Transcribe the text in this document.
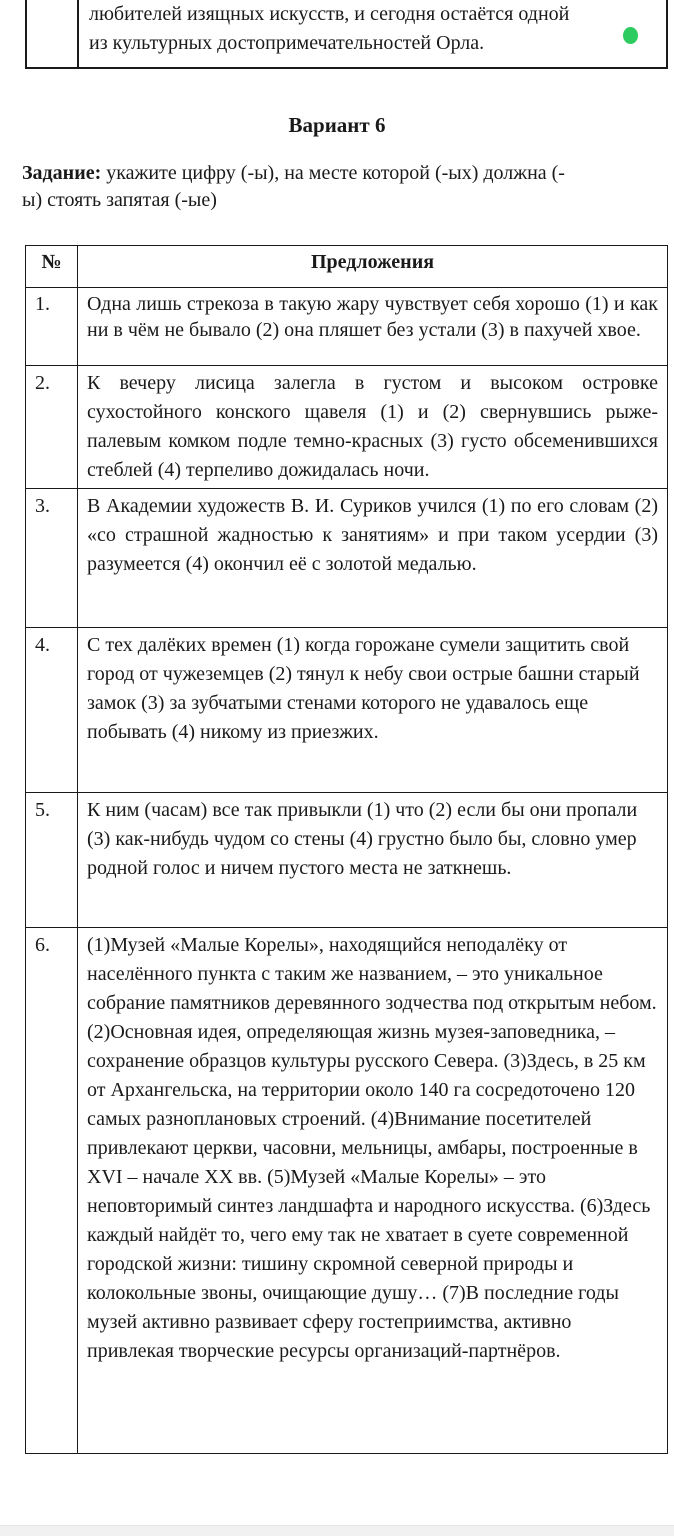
любителей изящных искусств, и сегодня остаётся одной
из культурных достопримечательностей Орла.
Вариант 6

Задание: укажите цифру (-ы), на месте которой (-ых) должна (-
ы) стоять запятая (-ые)

№	Предложения
1.	Одна лишь стрекоза в такую жару чувствует себя хорошо (1) и как ни в чём не бывало (2) она пляшет без устали (3) в пахучей хвое.
2.	К вечеру лисица залегла в густом и высоком островке сухостойного конского щавеля (1) и (2) свернувшись рыже-палевым комком подле темно-красных (3) густо обсеменившихся стеблей (4) терпеливо дожидалась ночи.
3.	В Академии художеств В. И. Суриков учился (1) по его словам (2) «со страшной жадностью к занятиям» и при таком усердии (3) разумеется (4) окончил её с золотой медалью.
4.	С тех далёких времен (1) когда горожане сумели защитить свой город от чужеземцев (2) тянул к небу свои острые башни старый замок (3) за зубчатыми стенами которого не удавалось еще побывать (4) никому из приезжих.
5.	К ним (часам) все так привыкли (1) что (2) если бы они пропали (3) как-нибудь чудом со стены (4) грустно было бы, словно умер родной голос и ничем пустого места не заткнешь.
6.	(1)Музей «Малые Корелы», находящийся неподалёку от населённого пункта с таким же названием, – это уникальное собрание памятников деревянного зодчества под открытым небом. (2)Основная идея, определяющая жизнь музея-заповедника, – сохранение образцов культуры русского Севера. (3)Здесь, в 25 км от Архангельска, на территории около 140 га сосредоточено 120 самых разноплановых строений. (4)Внимание посетителей привлекают церкви, часовни, мельницы, амбары, построенные в XVI – начале XX вв. (5)Музей «Малые Корелы» – это неповторимый синтез ландшафта и народного искусства. (6)Здесь каждый найдёт то, чего ему так не хватает в суете современной городской жизни: тишину скромной северной природы и колокольные звоны, очищающие душу… (7)В последние годы музей активно развивает сферу гостеприимства, активно привлекая творческие ресурсы организаций-партнёров.
